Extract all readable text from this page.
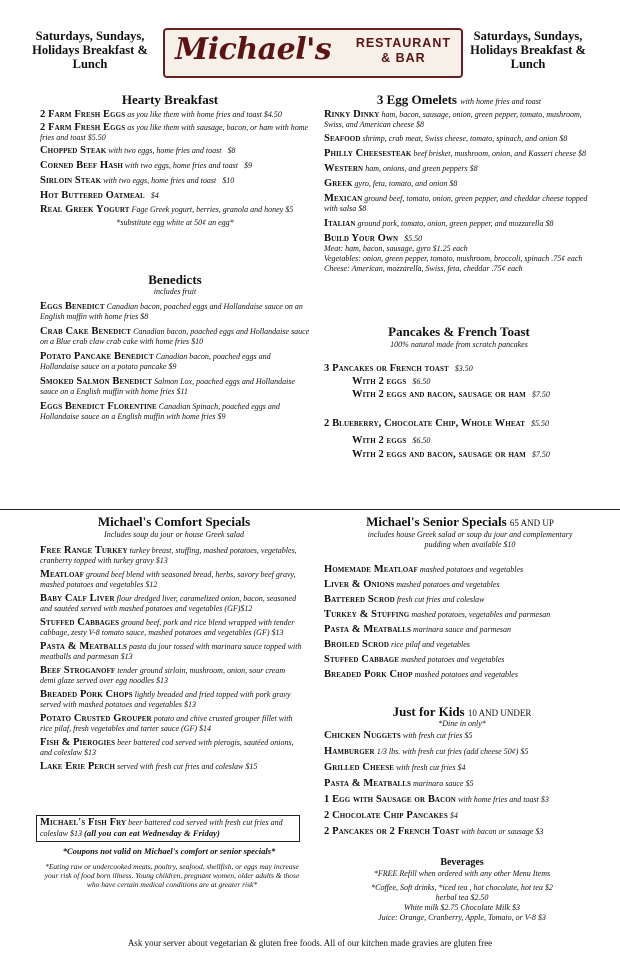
Saturdays, Sundays, Holidays Breakfast & Lunch
Saturdays, Sundays, Holidays Breakfast & Lunch
Michael's RESTAURANT
& BAR
Hearty Breakfast
2 Farm Fresh Eggs as you like them with home fries and toast $4.50
2 Farm Fresh Eggs as you like them with sausage, bacon, or ham with home fries and toast $5.50
Chopped Steak with two eggs, home fries and toast $8
Corned Beef Hash with two eggs, home fries and toast $9
Sirloin Steak with two eggs, home fries and toast $10
Hot Buttered Oatmeal $4
Real Greek Yogurt Fage Greek yogurt, berries, granola and honey $5
*substitute egg white at 50¢ an egg*
Benedicts
includes fruit
Eggs Benedict Canadian bacon, poached eggs and Hollandaise sauce on an English muffin with home fries $8
Crab Cake Benedict Canadian bacon, poached eggs and Hollandaise sauce on a Blue crab claw crab cake with home fries $10
Potato Pancake Benedict Canadian bacon, poached eggs and Hollandaise sauce on a potato pancake $9
Smoked Salmon Benedict Salmon Lox, poached eggs and Hollandaise sauce on a English muffin with home fries $11
Eggs Benedict Florentine Canadian Spinach, poached eggs and Hollandaise sauce on a English muffin with home fries $9
3 Egg Omelets with home fries and toast
Rinky Dinky ham, bacon, sausage, onion, green pepper, tomato, mushroom, Swiss, and American cheese $8
Seafood shrimp, crab meat, Swiss cheese, tomato, spinach, and onion $8
Philly Cheesesteak beef brisket, mushroom, onion, and Kasseri cheese $8
Western ham, onions, and green peppers $8
Greek gyro, feta, tomato, and onion $8
Mexican ground beef, tomato, onion, green pepper, and cheddar cheese topped with salsa $8
Italian ground pork, tomato, onion, green pepper, and mozzarella $8
Build Your Own $5.50
Meat: ham, bacon, sausage, gyro $1.25 each
Vegetables: onion, green pepper, tomato, mushroom, broccoli, spinach .75¢ each
Cheese: American, mozzarella, Swiss, feta, cheddar .75¢ each
Pancakes & French Toast
100% natural made from scratch pancakes
3 Pancakes or French toast $3.50
With 2 eggs $6.50
With 2 eggs and bacon, sausage or ham $7.50
2 Blueberry, Chocolate Chip, Whole Wheat $5.50
With 2 eggs $6.50
With 2 eggs and bacon, sausage or ham $7.50
Michael's Comfort Specials
Includes soup du jour or house Greek salad
Free Range Turkey turkey breast, stuffing, mashed potatoes, vegetables, cranberry topped with turkey gravy $13
Meatloaf ground beef blend with seasoned bread, herbs, savory beef gravy, mashed potatoes and vegetables $12
Baby Calf Liver flour dredged liver, caramelized onion, bacon, seasoned and sautéed served with mashed potatoes and vegetables (GF)$12
Stuffed Cabbages ground beef, pork and rice blend wrapped with tender cabbage, zesty V-8 tomato sauce, mashed potatoes and vegetables (GF) $13
Pasta & Meatballs pasta du jour tossed with marinara sauce topped with meatballs and parmesan $13
Beef Stroganoff tender ground sirloin, mushroom, onion, sour cream demi glaze served over egg noodles $13
Breaded Pork Chops lightly breaded and fried topped with pork gravy served with mashed potatoes and vegetables $13
Potato Crusted Grouper potato and chive crusted grouper fillet with rice pilaf, fresh vegetables and tarter sauce (GF) $14
Fish & Pierogies beer battered cod served with pierogis, sautéed onions, and coleslaw $13
Lake Erie Perch served with fresh cut fries and coleslaw $15
Michael's Fish Fry beer battered cod served with fresh cut fries and coleslaw $13 (all you can eat Wednesday & Friday)
*Coupons not valid on Michael's comfort or senior specials*
*Eating raw or undercooked meats, poultry, seafood, shellfish, or eggs may increase your risk of food born illness. Young children, pregnant women, older adults & those who have certain medical conditions are at greater risk*
Michael's Senior Specials 65 AND UP
includes house Greek salad or soup du jour and complementary pudding when available $10
Homemade Meatloaf mashed potatoes and vegetables
Liver & Onions mashed potatoes and vegetables
Battered Scrod fresh cut fries and coleslaw
Turkey & Stuffing mashed potatoes, vegetables and parmesan
Pasta & Meatballs marinara sauce and parmesan
Broiled Scrod rice pilaf and vegetables
Stuffed Cabbage mashed potatoes and vegetables
Breaded Pork Chop mashed potatoes and vegetables
Just for Kids 10 AND UNDER
*Dine in only*
Chicken Nuggets with fresh cut fries $5
Hamburger 1/3 lbs. with fresh cut fries (add cheese 50¢) $5
Grilled Cheese with fresh cut fries $4
Pasta & Meatballs marinara sauce $5
1 Egg with Sausage or Bacon with home fries and toast $3
2 Chocolate Chip Pancakes $4
2 Pancakes or 2 French Toast with bacon or sausage $3
Beverages
*FREE Refill when ordered with any other Menu Items
*Coffee, Soft drinks, *iced tea , hot chocolate, hot tea $2
herbal tea $2.50
White milk $2.75 Chocolate Milk $3
Juice: Orange, Cranberry, Apple, Tomato, or V-8 $3
Ask your server about vegetarian & gluten free foods. All of our kitchen made gravies are gluten free
